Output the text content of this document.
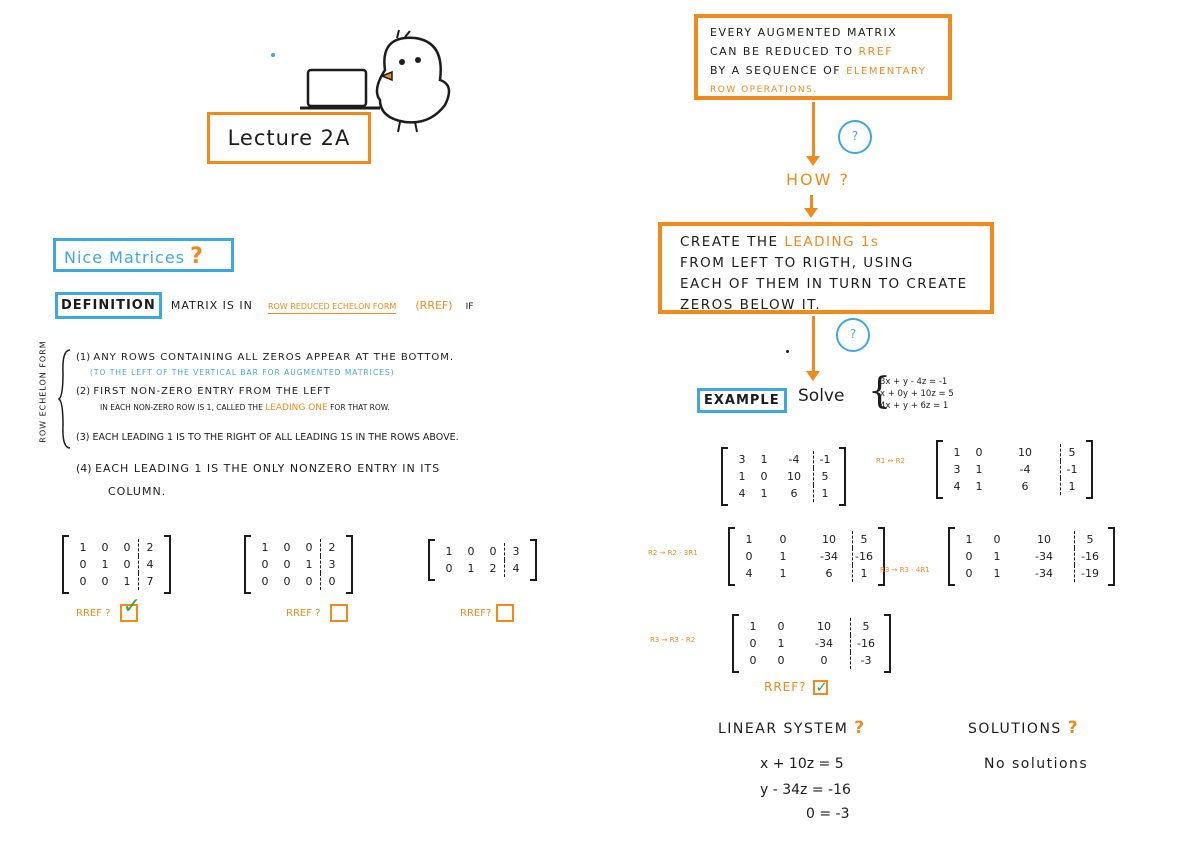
Lecture 2A
Nice Matrices ?
DEFINITION MATRIX IS IN ROW REDUCED ECHELON FORM (RREF) IF
ROW ECHELON FORM	(1) ANY ROWS CONTAINING ALL ZEROS APPEAR AT THE BOTTOM.
(TO THE LEFT OF THE VERTICAL BAR FOR AUGMENTED MATRICES)
(2) FIRST NON-ZERO ENTRY FROM THE LEFT
IN EACH NON-ZERO ROW IS 1, CALLED THE LEADING ONE FOR THAT ROW.
(3) EACH LEADING 1 IS TO THE RIGHT OF ALL LEADING 1S IN THE ROWS ABOVE.
(4) EACH LEADING 1 IS THE ONLY NONZERO ENTRY IN ITS
COLUMN.
1	0	0	2
0	1	0	4
0	0	1	7
RREF ? ✓
1	0	0	2
0	0	1	3
0	0	0	0
RREF ?
1	0	0	3
0	1	2	4
RREF?
EVERY AUGMENTED MATRIX
CAN BE REDUCED TO RREF
BY A SEQUENCE OF ELEMENTARY
ROW OPERATIONS.
?
HOW ?
CREATE THE LEADING 1s
FROM LEFT TO RIGTH, USING
EACH OF THEM IN TURN TO CREATE
ZEROS BELOW IT.
?
EXAMPLE	Solve {
3x + y - 4z = -1
x + 0y + 10z = 5
4x + y + 6z = 1
3	1	-4	-1
1	0	10	5
4	1	6	1
R1 ↔ R2
1	0	10	5
3	1	-4	-1
4	1	6	1
R2 → R2 - 3R1
1	0	10	5
0	1	-34	-16
4	1	6	1	R3 → R3 - 4R1
1	0	10	5
0	1	-34	-16
0	1	-34	-19
R3 → R3 - R2
1	0	10	5
0	1	-34	-16
0	0	0	-3
RREF? ✓
LINEAR SYSTEM ?	SOLUTIONS ?
x + 10z = 5
y - 34z = -16
0 = -3
No solutions
